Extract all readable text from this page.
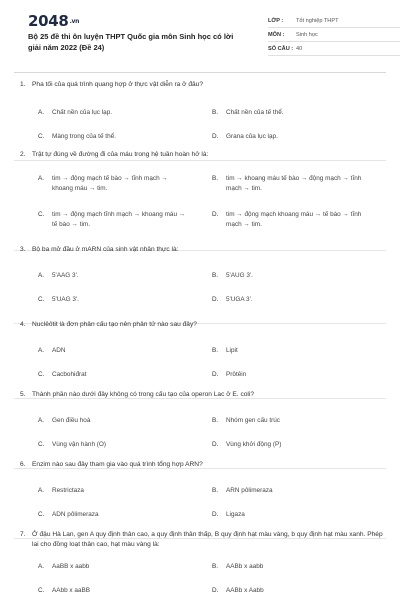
2048.vn
Bộ 25 đề thi ôn luyện THPT Quốc gia môn Sinh học có lời giải năm 2022 (Đề 24)
LỚP :	Tốt nghiệp THPT
MÔN :	Sinh học
SỐ CÂU : 40
1. Pha tối của quá trình quang hợp ở thực vật diễn ra ở đâu?
A.	Chất nền của lục lạp.	B.	Chất nền của tế thể.
C.	Màng trong của tế thể.	D.	Grana của lục lạp.
2. Trật tự đúng về đường đi của máu trong hệ tuần hoàn hở là:
A.	tim → động mạch tế bào → tĩnh mạch → khoang máu → tim.
B.	tim → khoang máu tế bào → động mạch → tĩnh mạch → tim.
C.	tim → động mạch tĩnh mạch → khoang máu → tế bào → tim.
D.	tim → động mạch khoang máu → tế bào → tĩnh mạch → tim.
3. Bộ ba mở đầu ở mARN của sinh vật nhân thực là:
A.	5'AAG 3'.	B.	5'AUG 3'.
C.	5'UAG 3'.	D.	5'UGA 3'.
4. Nuclêôtit là đơn phân cấu tạo nên phân tử nào sau đây?
A.	ADN	B.	Lipit
C.	Cacbohiđrat	D.	Prôtêin
5. Thành phần nào dưới đây không có trong cấu tạo của operon Lac ở E. coli?
A.	Gen điều hoà	B.	Nhóm gen cấu trúc
C.	Vùng vận hành (O)	D.	Vùng khởi động (P)
6. Enzim nào sau đây tham gia vào quá trình tổng hợp ARN?
A.	Restrictaza	B.	ARN pôlimeraza
C.	ADN pôlimeraza	D.	Ligaza
7. Ở đậu Hà Lan, gen A quy định thân cao, a quy định thân thấp, B quy định hạt màu vàng, b quy định hạt màu xanh. Phép lai cho đồng loạt thân cao, hạt màu vàng là:
A.	AaBB x aabb	B.	AABb x aabb
C.	AAbb x aaBB	D.	AABb x Aabb
